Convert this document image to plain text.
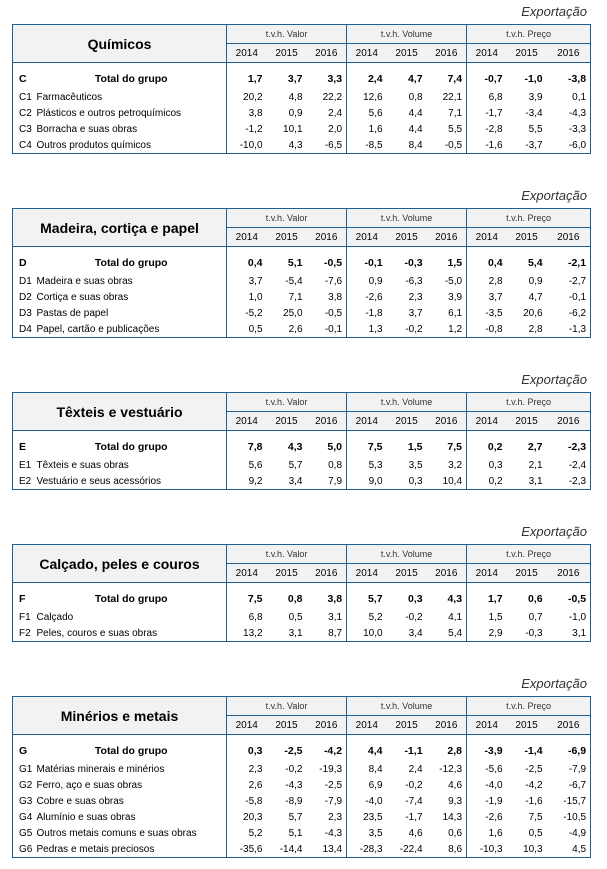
Exportação
Químicos		t.v.h. Valor			t.v.h. Volume			t.v.h. Preço		
		2014	2015	2016	2014	2015	2016	2014	2015	2016

C	Total do grupo	1,7	3,7	3,3	2,4	4,7	7,4	-0,7	-1,0	-3,8
C1	Farmacêuticos	20,2	4,8	22,2	12,6	0,8	22,1	6,8	3,9	0,1
C2	Plásticos e outros petroquímicos	3,8	0,9	2,4	5,6	4,4	7,1	-1,7	-3,4	-4,3
C3	Borracha e suas obras	-1,2	10,1	2,0	1,6	4,4	5,5	-2,8	5,5	-3,3
C4	Outros produtos químicos	-10,0	4,3	-6,5	-8,5	8,4	-0,5	-1,6	-3,7	-6,0
Exportação
Madeira, cortiça e papel		t.v.h. Valor			t.v.h. Volume			t.v.h. Preço		
		2014	2015	2016	2014	2015	2016	2014	2015	2016

D	Total do grupo	0,4	5,1	-0,5	-0,1	-0,3	1,5	0,4	5,4	-2,1
D1	Madeira e suas obras	3,7	-5,4	-7,6	0,9	-6,3	-5,0	2,8	0,9	-2,7
D2	Cortiça e suas obras	1,0	7,1	3,8	-2,6	2,3	3,9	3,7	4,7	-0,1
D3	Pastas de papel	-5,2	25,0	-0,5	-1,8	3,7	6,1	-3,5	20,6	-6,2
D4	Papel, cartão e publicações	0,5	2,6	-0,1	1,3	-0,2	1,2	-0,8	2,8	-1,3
Exportação
Têxteis e vestuário		t.v.h. Valor			t.v.h. Volume			t.v.h. Preço		
		2014	2015	2016	2014	2015	2016	2014	2015	2016

E	Total do grupo	7,8	4,3	5,0	7,5	1,5	7,5	0,2	2,7	-2,3
E1	Têxteis e suas obras	5,6	5,7	0,8	5,3	3,5	3,2	0,3	2,1	-2,4
E2	Vestuário e seus acessórios	9,2	3,4	7,9	9,0	0,3	10,4	0,2	3,1	-2,3
Exportação
Calçado, peles e couros		t.v.h. Valor			t.v.h. Volume			t.v.h. Preço		
		2014	2015	2016	2014	2015	2016	2014	2015	2016

F	Total do grupo	7,5	0,8	3,8	5,7	0,3	4,3	1,7	0,6	-0,5
F1	Calçado	6,8	0,5	3,1	5,2	-0,2	4,1	1,5	0,7	-1,0
F2	Peles, couros e suas obras	13,2	3,1	8,7	10,0	3,4	5,4	2,9	-0,3	3,1
Exportação
Minérios e metais		t.v.h. Valor			t.v.h. Volume			t.v.h. Preço		
		2014	2015	2016	2014	2015	2016	2014	2015	2016

G	Total do grupo	0,3	-2,5	-4,2	4,4	-1,1	2,8	-3,9	-1,4	-6,9
G1	Matérias minerais e minérios	2,3	-0,2	-19,3	8,4	2,4	-12,3	-5,6	-2,5	-7,9
G2	Ferro, aço e suas obras	2,6	-4,3	-2,5	6,9	-0,2	4,6	-4,0	-4,2	-6,7
G3	Cobre e suas obras	-5,8	-8,9	-7,9	-4,0	-7,4	9,3	-1,9	-1,6	-15,7
G4	Alumínio e suas obras	20,3	5,7	2,3	23,5	-1,7	14,3	-2,6	7,5	-10,5
G5	Outros metais comuns e suas obras	5,2	5,1	-4,3	3,5	4,6	0,6	1,6	0,5	-4,9
G6	Pedras e metais preciosos	-35,6	-14,4	13,4	-28,3	-22,4	8,6	-10,3	10,3	4,5
